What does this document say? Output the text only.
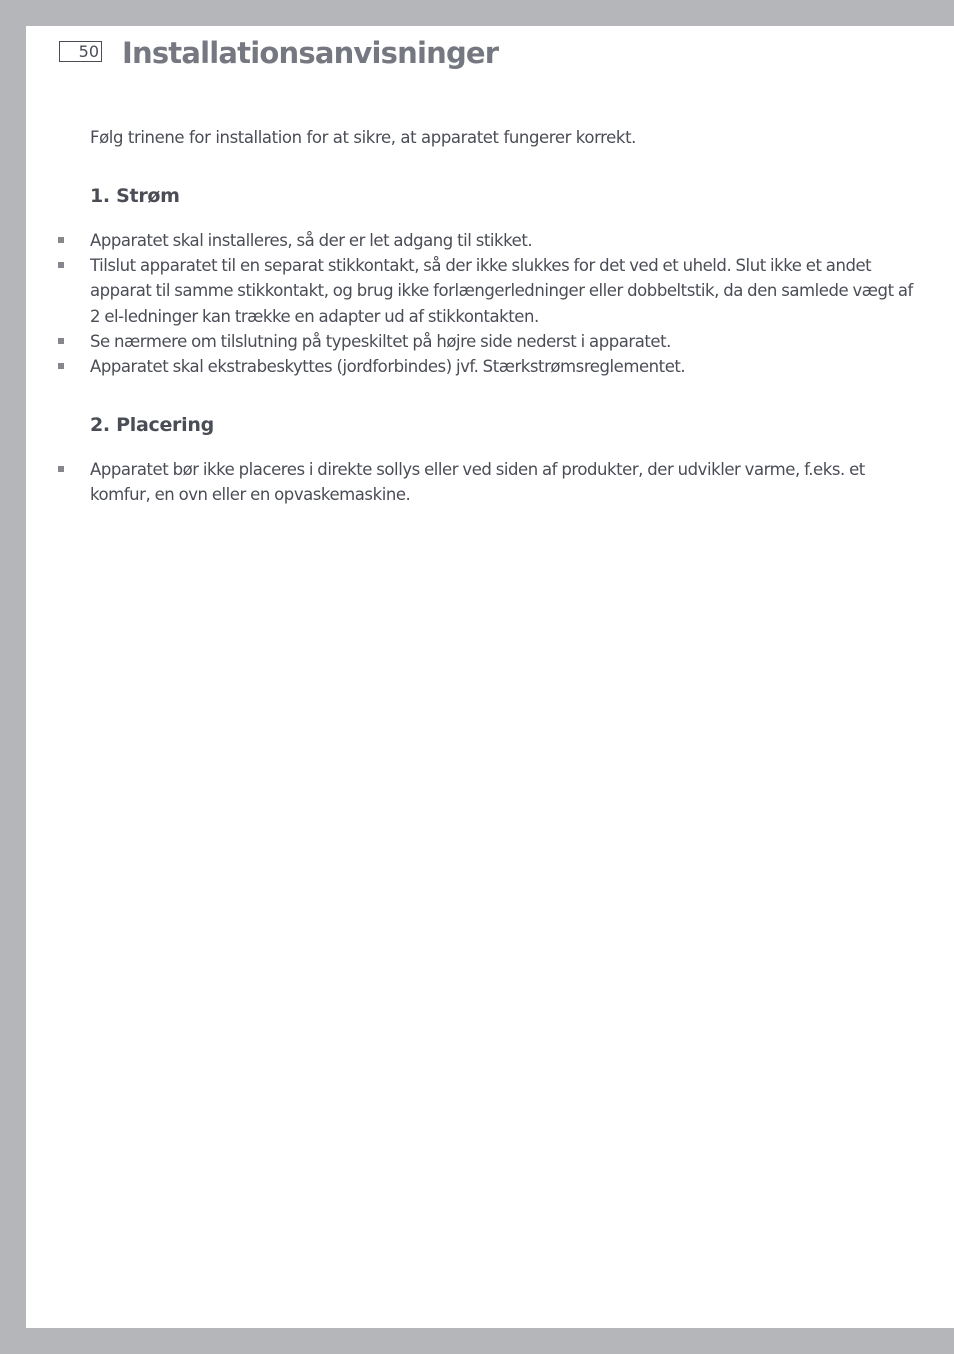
50 Installationsanvisninger

Følg trinene for installation for at sikre, at apparatet fungerer korrekt.

1. Strøm
Apparatet skal installeres, så der er let adgang til stikket.
Tilslut apparatet til en separat stikkontakt, så der ikke slukkes for det ved et uheld. Slut ikke et andet apparat til samme stikkontakt, og brug ikke forlængerledninger eller dobbeltstik, da den samlede vægt af 2 el-ledninger kan trække en adapter ud af stikkontakten.
Se nærmere om tilslutning på typeskiltet på højre side nederst i apparatet.
Apparatet skal ekstrabeskyttes (jordforbindes) jvf. Stærkstrømsreglementet.
2. Placering
Apparatet bør ikke placeres i direkte sollys eller ved siden af produkter, der udvikler varme, f.eks. et komfur, en ovn eller en opvaskemaskine.
